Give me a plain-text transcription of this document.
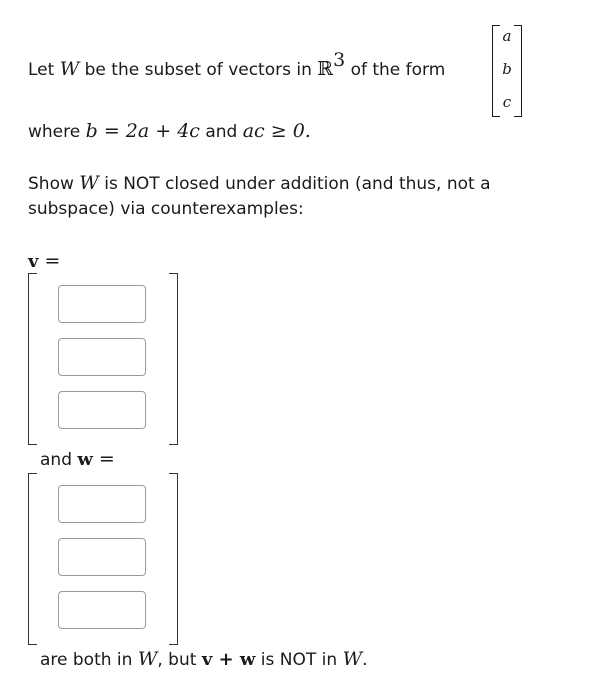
Let W be the subset of vectors in ℝ$^3$ of the form
a
b
c
where b = 2a + 4c and ac ≥ 0.
Show W is NOT closed under addition (and thus, not a
subspace) via counterexamples:
v =
and w =
are both in W, but v + w is NOT in W.
